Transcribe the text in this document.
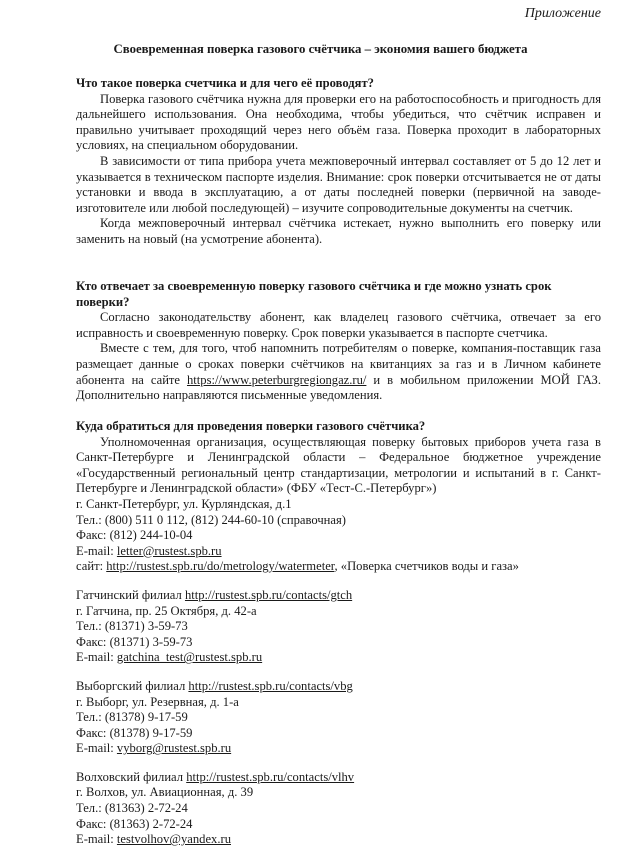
Приложение
Своевременная поверка газового счётчика – экономия вашего бюджета

Что такое поверка счетчика и для чего её проводят?

Поверка газового счётчика нужна для проверки его на работоспособность и пригодность для дальнейшего использования. Она необходима, чтобы убедиться, что счётчик исправен и правильно учитывает проходящий через него объём газа. Поверка проходит в лабораторных условиях, на специальном оборудовании.

В зависимости от типа прибора учета межповерочный интервал составляет от 5 до 12 лет и указывается в техническом паспорте изделия. Внимание: срок поверки отсчитывается не от даты установки и ввода в эксплуатацию, а от даты последней поверки (первичной на заводе-изготовителе или любой последующей) – изучите сопроводительные документы на счетчик.

Когда межповерочный интервал счётчика истекает, нужно выполнить его поверку или заменить на новый (на усмотрение абонента).

Кто отвечает за своевременную поверку газового счётчика и где можно узнать срок поверки?

Согласно законодательству абонент, как владелец газового счётчика, отвечает за его исправность и своевременную поверку. Срок поверки указывается в паспорте счетчика.

Вместе с тем, для того, чтоб напомнить потребителям о поверке, компания-поставщик газа размещает данные о сроках поверки счётчиков на квитанциях за газ и в Личном кабинете абонента на сайте https://www.peterburgregiongaz.ru/ и в мобильном приложении МОЙ ГАЗ. Дополнительно направляются письменные уведомления.

Куда обратиться для проведения поверки газового счётчика?

Уполномоченная организация, осуществляющая поверку бытовых приборов учета газа в Санкт-Петербурге и Ленинградской области – Федеральное бюджетное учреждение «Государственный региональный центр стандартизации, метрологии и испытаний в г. Санкт-Петербурге и Ленинградской области» (ФБУ «Тест-С.-Петербург»)

г. Санкт-Петербург, ул. Курляндская, д.1

Тел.: (800) 511 0 112, (812) 244-60-10 (справочная)

Факс: (812) 244-10-04

E-mail: letter@rustest.spb.ru

сайт: http://rustest.spb.ru/do/metrology/watermeter, «Поверка счетчиков воды и газа»

Гатчинский филиал http://rustest.spb.ru/contacts/gtch

г. Гатчина, пр. 25 Октября, д. 42-а

Тел.: (81371) 3-59-73

Факс: (81371) 3-59-73

E-mail: gatchina_test@rustest.spb.ru

Выборгский филиал http://rustest.spb.ru/contacts/vbg

г. Выборг, ул. Резервная, д. 1-а

Тел.: (81378) 9-17-59

Факс: (81378) 9-17-59

E-mail: vyborg@rustest.spb.ru

Волховский филиал http://rustest.spb.ru/contacts/vlhv

г. Волхов, ул. Авиационная, д. 39

Тел.: (81363) 2-72-24

Факс: (81363) 2-72-24

E-mail: testvolhov@yandex.ru
